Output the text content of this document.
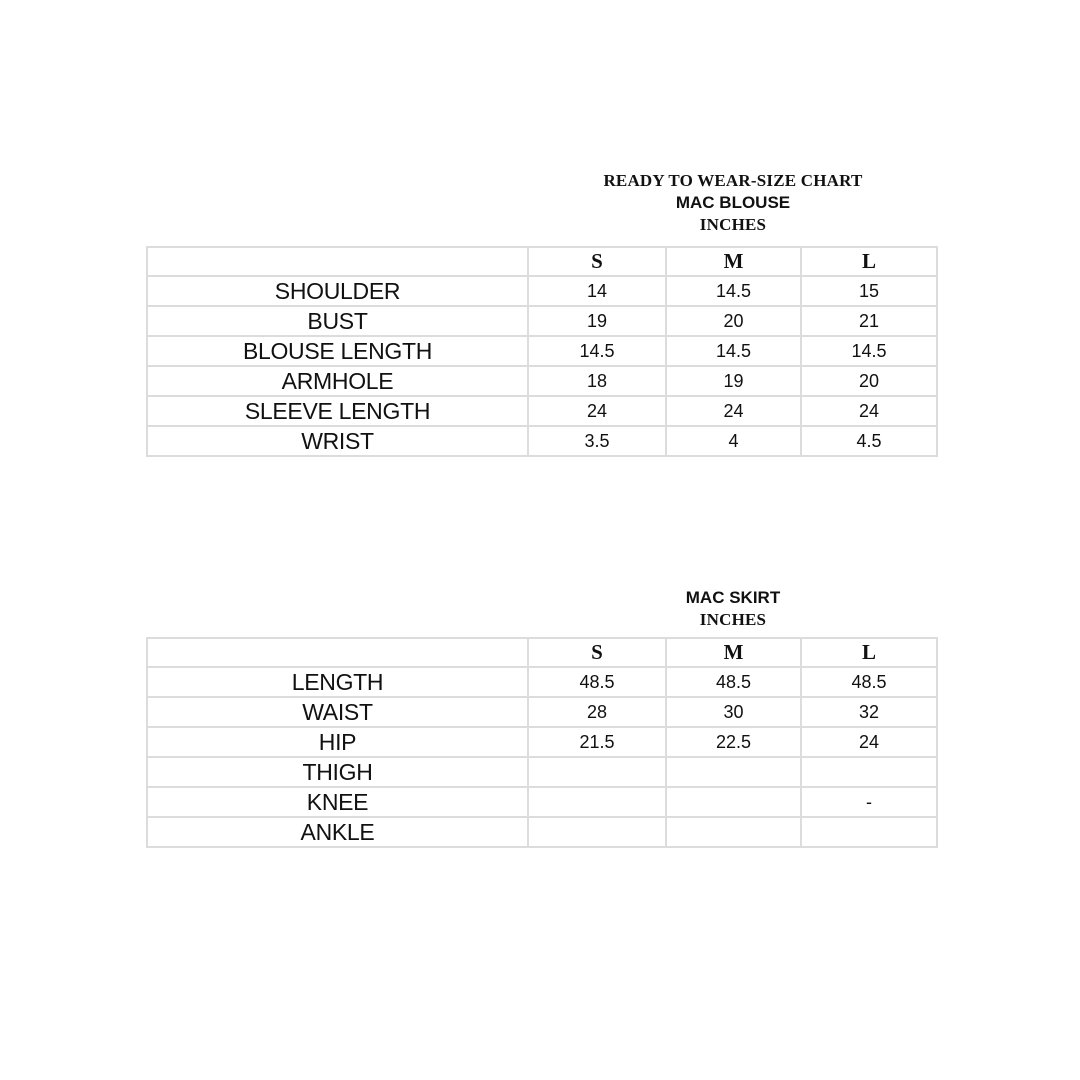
READY TO WEAR-SIZE CHART
MAC BLOUSE
INCHES
	S	M	L
SHOULDER	14	14.5	15
BUST	19	20	21
BLOUSE LENGTH	14.5	14.5	14.5
ARMHOLE	18	19	20
SLEEVE LENGTH	24	24	24
WRIST	3.5	4	4.5
MAC SKIRT
INCHES
	S	M	L
LENGTH	48.5	48.5	48.5
WAIST	28	30	32
HIP	21.5	22.5	24
THIGH			
KNEE			-
ANKLE			
